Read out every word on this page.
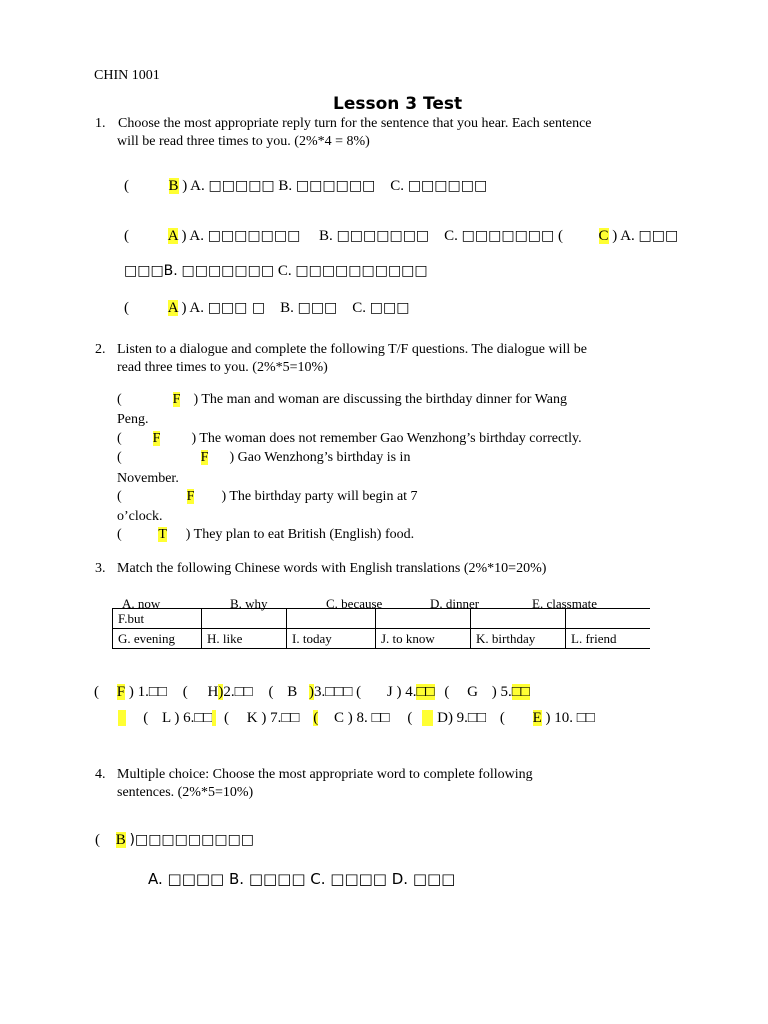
CHIN 1001
Lesson 3 Test
1. Choose the most appropriate reply turn for the sentence that you hear. Each sentence
will be read three times to you. (2%*4 = 8%)
(	B ) A. □□□□□ B. □□□□□□ C. □□□□□□
(	A ) A. □□□□□□□ B. □□□□□□□ C. □□□□□□□ ( C ) A. □□□
□□□B. □□□□□□□ C. □□□□□□□□□□
(	A ) A. □□□ □ B. □□□ C. □□□
2. Listen to a dialogue and complete the following T/F questions. The dialogue will be
read three times to you. (2%*5=10%)
(	F ) The man and woman are discussing the birthday dinner for Wang
Peng.
( F ) The woman does not remember Gao Wenzhong’s birthday correctly.
(	F ) Gao Wenzhong’s birthday is in
November.
(	F ) The birthday party will begin at 7
o’clock.
(	T ) They plan to eat British (English) food.
3. Match the following Chinese words with English translations (2%*10=20%)
A. now	B. why	C. because	D. dinner	E. classmate
F.but					
G. evening	H. like	I. today	J. to know	K. birthday	L. friend
( F ) 1.□□ ( H)2.□□ ( B )3.□□□ ( J ) 4.□□ ( G ) 5.□□
( L ) 6.□□ ( K ) 7.□□ ( C ) 8. □□ ( D) 9.□□ ( E ) 10. □□
4. Multiple choice: Choose the most appropriate word to complete following
sentences. (2%*5=10%)
( B )□□□□□□□□□
A. □□□□ B. □□□□ C. □□□□ D. □□□
